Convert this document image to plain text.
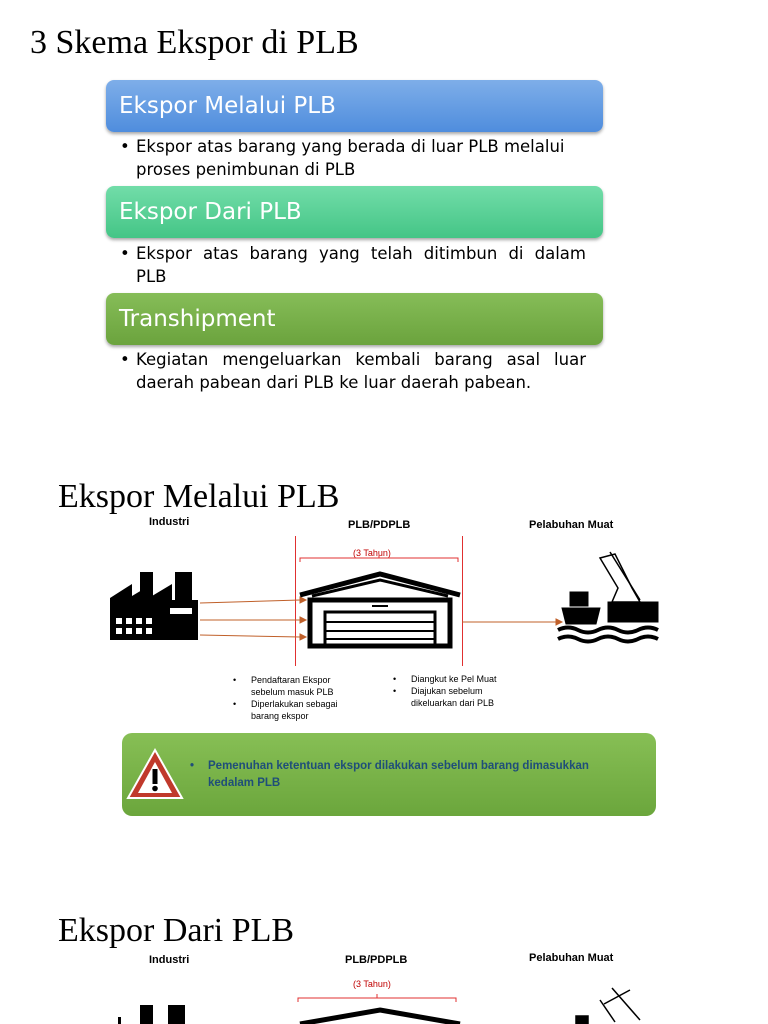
3 Skema Ekspor di PLB
Ekspor Melalui PLB
• Ekspor atas barang yang berada di luar PLB melalui
proses penimbunan di PLB
Ekspor Dari PLB
• Ekspor atas barang yang telah ditimbun di dalam
PLB
Transhipment
• Kegiatan mengeluarkan kembali barang asal luar
daerah pabean dari PLB ke luar daerah pabean.
Ekspor Melalui PLB
Industri	PLB/PDPLB	Pelabuhan Muat
(3 Tahun)
• Pendaftaran Ekspor
sebelum masuk PLB
• Diperlakukan sebagai
barang ekspor
• Diangkut ke Pel Muat
• Diajukan sebelum
dikeluarkan dari PLB
•	Pemenuhan ketentuan ekspor dilakukan sebelum barang dimasukkan
kedalam PLB
Ekspor Dari PLB
Industri	PLB/PDPLB	Pelabuhan Muat
(3 Tahun)
